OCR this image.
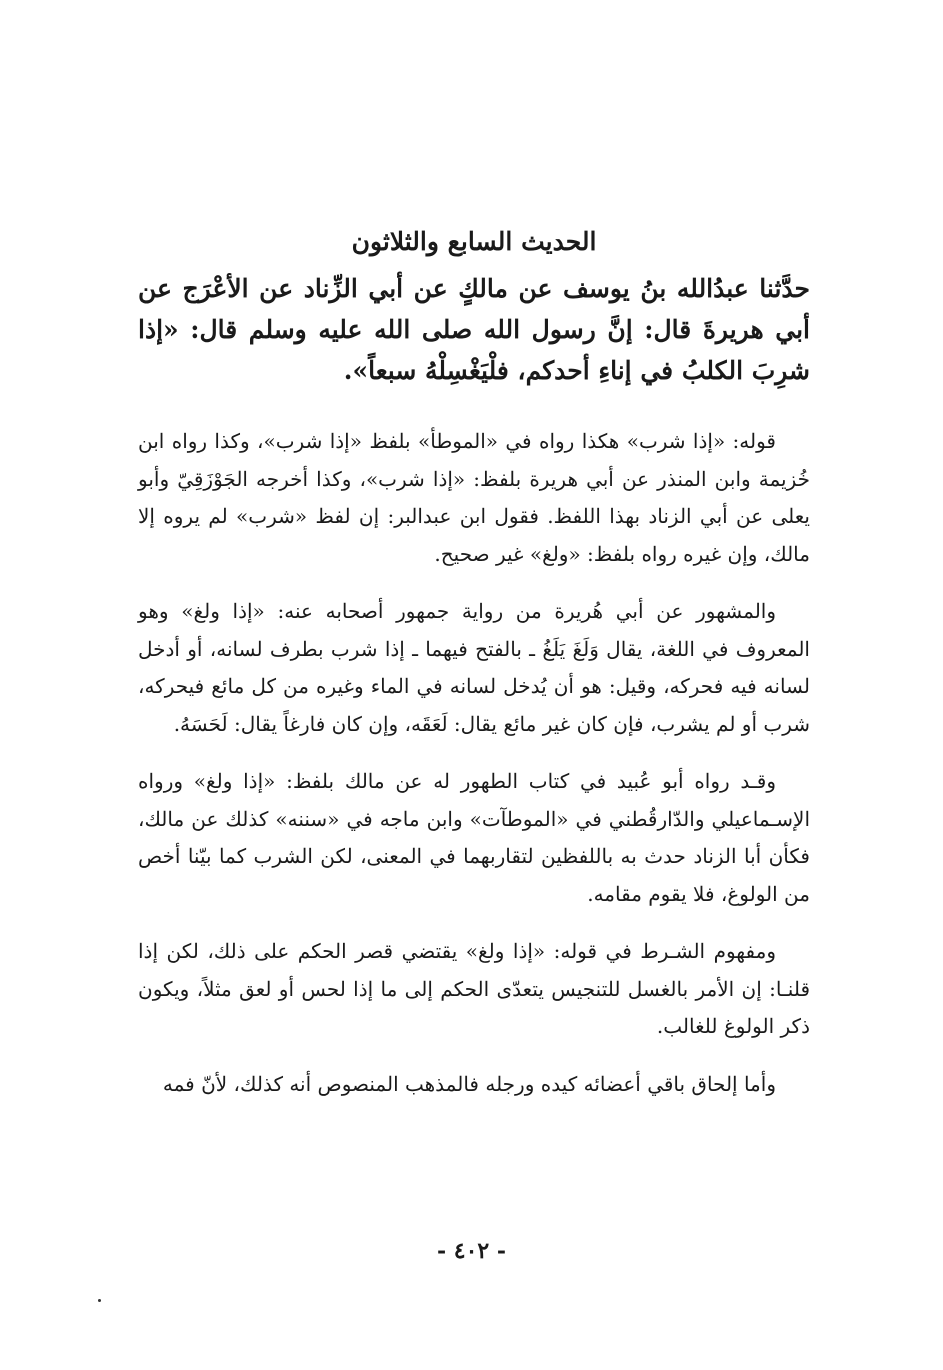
الحديث السابع والثلاثون
حدَّثنا عبدُالله بنُ يوسف عن مالكٍ عن أبي الزِّناد عن الأعْرَج عن أبي هريرةَ قال: إنَّ رسول الله صلى الله عليه وسلم قال: «إذا شرِبَ الكلبُ في إناءِ أحدكم، فلْيَغْسِلْهُ سبعاً».

قوله: «إذا شرب» هكذا رواه في «الموطأ» بلفظ «إذا شرب»، وكذا رواه ابن خُزيمة وابن المنذر عن أبي هريرة بلفظ: «إذا شرب»، وكذا أخرجه الجَوْزَقِيّ وأبو يعلى عن أبي الزناد بهذا اللفظ. فقول ابن عبدالبر: إن لفظ «شرب» لم يروه إلا مالك، وإن غيره رواه بلفظ: «ولغ» غير صحيح.

والمشهور عن أبي هُريرة من رواية جمهور أصحابه عنه: «إذا ولغ» وهو المعروف في اللغة، يقال وَلَغَ يَلَغُ ـ بالفتح فيهما ـ إذا شرب بطرف لسانه، أو أدخل لسانه فيه فحركه، وقيل: هو أن يُدخل لسانه في الماء وغيره من كل مائع فيحركه، شرب أو لم يشرب، فإن كان غير مائع يقال: لَعَقَه، وإن كان فارغاً يقال: لَحَسَهُ.

وقـد رواه أبو عُبيد في كتاب الطهور له عن مالك بلفظ: «إذا ولغ» ورواه الإسـماعيلي والدّارقُطني في «الموطآت» وابن ماجه في «سننه» كذلك عن مالك، فكأن أبا الزناد حدث به باللفظين لتقاربهما في المعنى، لكن الشرب كما بيّنا أخص من الولوغ، فلا يقوم مقامه.

ومفهوم الشـرط في قوله: «إذا ولغ» يقتضي قصر الحكم على ذلك، لكن إذا قلنـا: إن الأمر بالغسل للتنجيس يتعدّى الحكم إلى ما إذا لحس أو لعق مثلاً، ويكون ذكر الولوغ للغالب.

وأما إلحاق باقي أعضائه كيده ورجله فالمذهب المنصوص أنه كذلك، لأنّ فمه

- ٤٠٢ -
